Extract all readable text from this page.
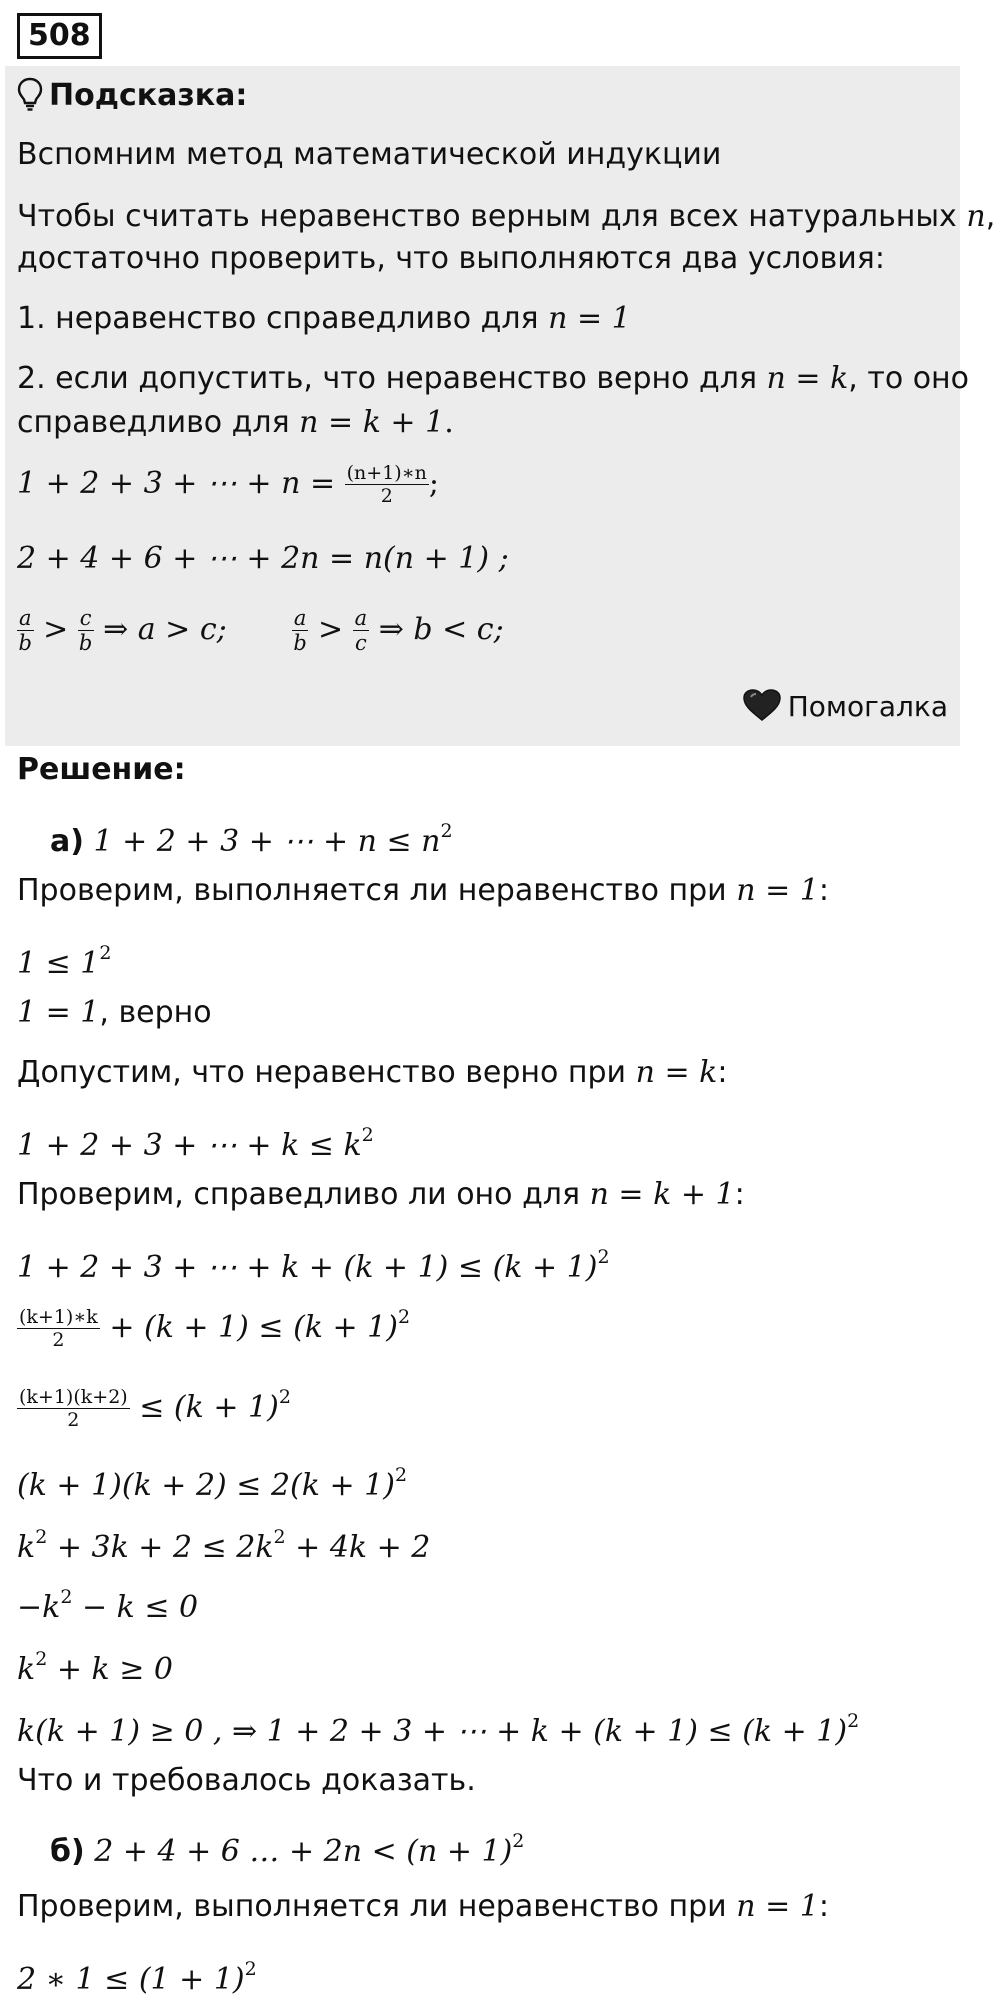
508
Подсказка:
Вспомним метод математической индукции
Чтобы считать неравенство верным для всех натуральных n,
достаточно проверить, что выполняются два условия:
1. неравенство справедливо для n = 1
2. если допустить, что неравенство верно для n = k, то оно
справедливо для n = k + 1.
1 + 2 + 3 + ⋯ + $n = \frac{(n+1)∗n}{2}$ ;
2 + 4 + 6 + ⋯ + 2n = n(n + 1) ;
$\frac{a}{b} > \frac{c}{b}$ ⇒ a > c;	$\frac{a}{b} > \frac{a}{c}$ ⇒ b < c;
Помогалка
Решение:
а) 1 + 2 + 3 + ⋯ + $n \le n^2$
Проверим, выполняется ли неравенство при n = 1:
$1 \le 1^2$
1 = 1, верно
Допустим, что неравенство верно при n = k:
1 + 2 + 3 + ⋯ + $k \le k^2$
Проверим, справедливо ли оно для n = k + 1:
1 + 2 + 3 + ⋯ + $k + (k + 1) \le (k + 1)^2$
$\frac{(k+1)∗k}{2} + (k + 1) \le (k + 1)^2$
$\frac{(k+1)(k+2)}{2} \le (k + 1)^2$
$(k + 1)(k + 2) \le 2(k + 1)^2$
$k^2 + 3k + 2 \le 2k^2 + 4k + 2$
$-k^2 - k \le 0$
$k^2 + k \ge 0$
k(k + 1) ≥ 0 , ⇒ 1 + 2 + 3 + ⋯ + $k + (k + 1) \le (k + 1)^2$
Что и требовалось доказать.
б) 2 + 4 + 6 … + $2n < (n + 1)^2$
Проверим, выполняется ли неравенство при n = 1:
2 ∗ $1 \le (1 + 1)^2$
